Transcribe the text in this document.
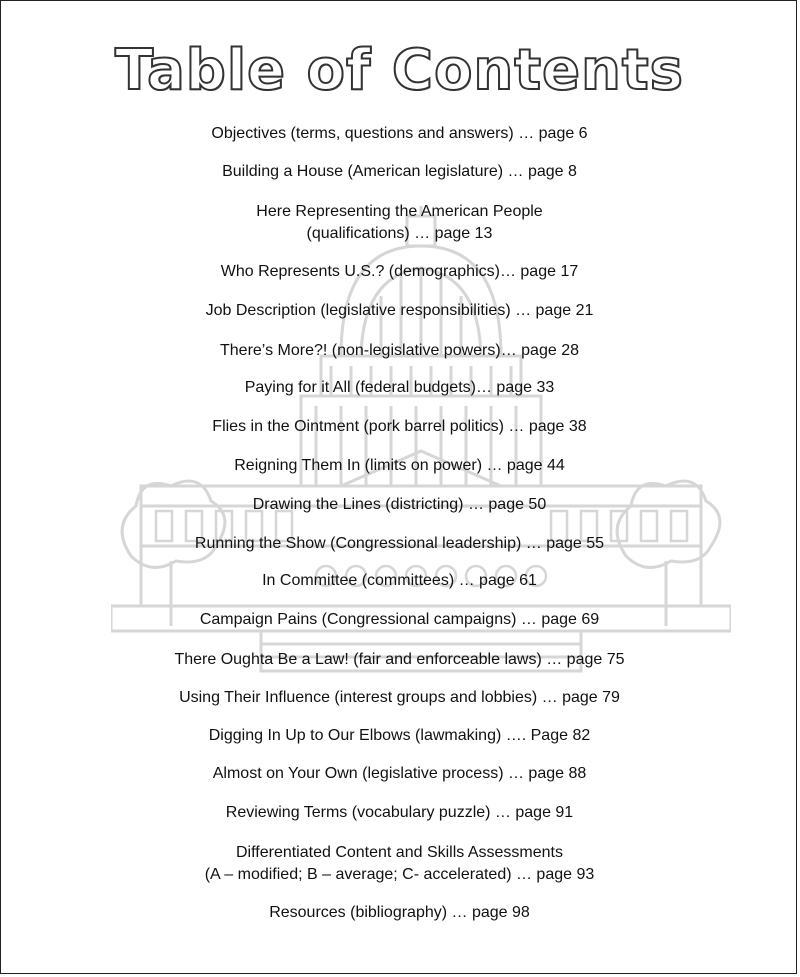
Table of Contents
Objectives (terms, questions and answers) … page 6
Building a House (American legislature) … page 8
Here Representing the American People
(qualifications) … page 13
Who Represents U.S.? (demographics)… page 17
Job Description (legislative responsibilities) … page 21
There’s More?! (non-legislative powers)… page 28
Paying for it All (federal budgets)… page 33
Flies in the Ointment (pork barrel politics) … page 38
Reigning Them In (limits on power) … page 44
Drawing the Lines (districting) … page 50
Running the Show (Congressional leadership) … page 55
In Committee (committees) … page 61
Campaign Pains (Congressional campaigns) … page 69
There Oughta Be a Law! (fair and enforceable laws) … page 75
Using Their Influence (interest groups and lobbies) … page 79
Digging In Up to Our Elbows (lawmaking) …. Page 82
Almost on Your Own (legislative process) … page 88
Reviewing Terms (vocabulary puzzle) … page 91
Differentiated Content and Skills Assessments
(A – modified; B – average; C- accelerated) … page 93
Resources (bibliography) … page 98
